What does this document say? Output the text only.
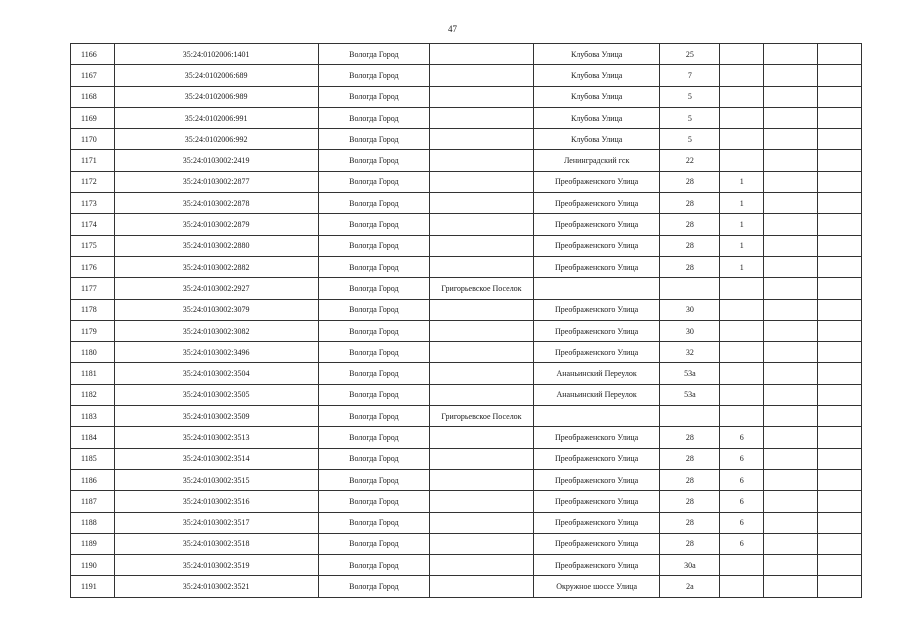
47
1166	35:24:0102006:1401	Вологда Город		Клубова Улица	25			
1167	35:24:0102006:689	Вологда Город		Клубова Улица	7			
1168	35:24:0102006:989	Вологда Город		Клубова Улица	5			
1169	35:24:0102006:991	Вологда Город		Клубова Улица	5			
1170	35:24:0102006:992	Вологда Город		Клубова Улица	5			
1171	35:24:0103002:2419	Вологда Город		Ленинградский гск	22			
1172	35:24:0103002:2877	Вологда Город		Преображенского Улица	28	1		
1173	35:24:0103002:2878	Вологда Город		Преображенского Улица	28	1		
1174	35:24:0103002:2879	Вологда Город		Преображенского Улица	28	1		
1175	35:24:0103002:2880	Вологда Город		Преображенского Улица	28	1		
1176	35:24:0103002:2882	Вологда Город		Преображенского Улица	28	1		
1177	35:24:0103002:2927	Вологда Город	Григорьевское Поселок					
1178	35:24:0103002:3079	Вологда Город		Преображенского Улица	30			
1179	35:24:0103002:3082	Вологда Город		Преображенского Улица	30			
1180	35:24:0103002:3496	Вологда Город		Преображенского Улица	32			
1181	35:24:0103002:3504	Вологда Город		Ананьинский Переулок	53а			
1182	35:24:0103002:3505	Вологда Город		Ананьинский Переулок	53а			
1183	35:24:0103002:3509	Вологда Город	Григорьевское Поселок					
1184	35:24:0103002:3513	Вологда Город		Преображенского Улица	28	6		
1185	35:24:0103002:3514	Вологда Город		Преображенского Улица	28	6		
1186	35:24:0103002:3515	Вологда Город		Преображенского Улица	28	6		
1187	35:24:0103002:3516	Вологда Город		Преображенского Улица	28	6		
1188	35:24:0103002:3517	Вологда Город		Преображенского Улица	28	6		
1189	35:24:0103002:3518	Вологда Город		Преображенского Улица	28	6		
1190	35:24:0103002:3519	Вологда Город		Преображенского Улица	30а			
1191	35:24:0103002:3521	Вологда Город		Окружное шоссе Улица	2а			
